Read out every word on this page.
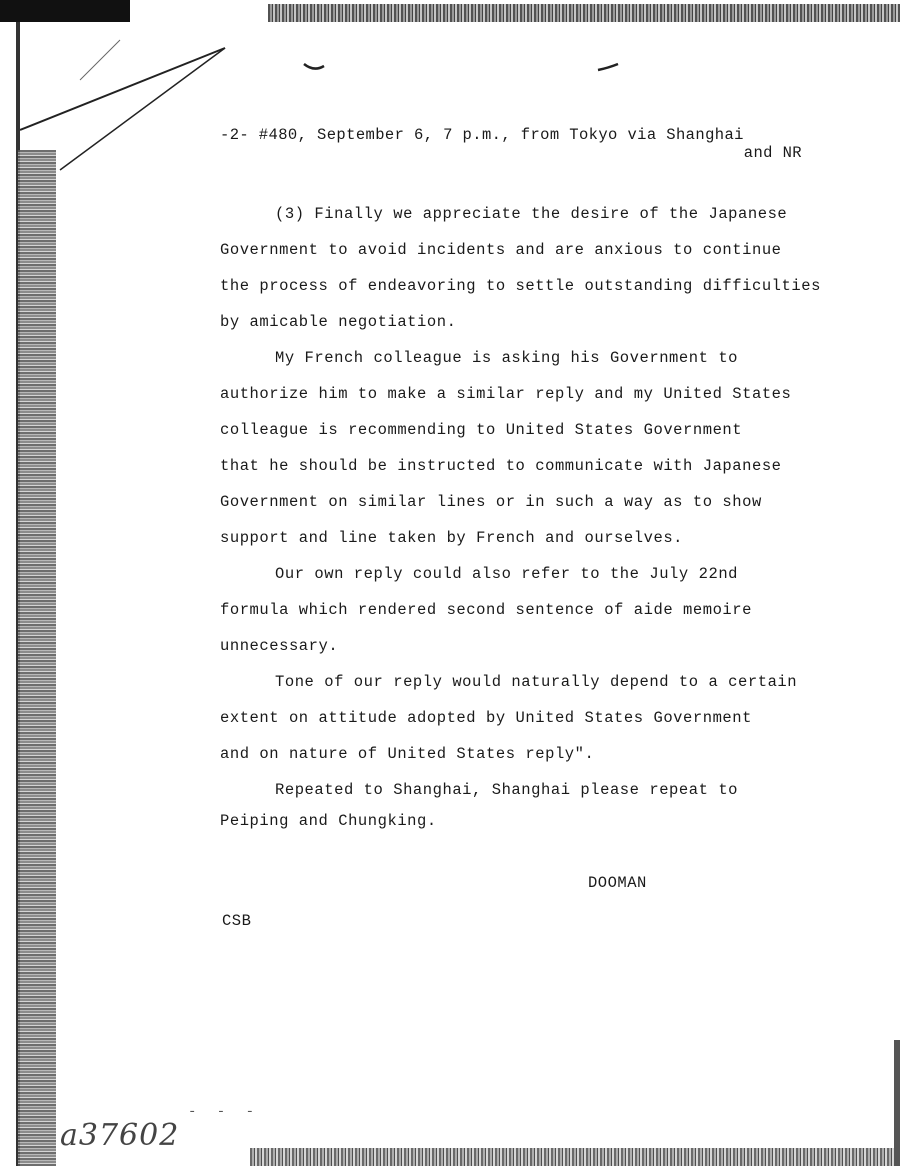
-2- #480, September 6, 7 p.m., from Tokyo via Shanghai
and NR
(3) Finally we appreciate the desire of the Japanese
Government to avoid incidents and are anxious to continue
the process of endeavoring to settle outstanding difficulties
by amicable negotiation.
My French colleague is asking his Government to
authorize him to make a similar reply and my United States
colleague is recommending to United States Government
that he should be instructed to communicate with Japanese
Government on similar lines or in such a way as to show
support and line taken by French and ourselves.
Our own reply could also refer to the July 22nd
formula which rendered second sentence of aide memoire
unnecessary.
Tone of our reply would naturally depend to a certain
extent on attitude adopted by United States Government
and on nature of United States reply".
Repeated to Shanghai, Shanghai please repeat to
Peiping and Chungking.
DOOMAN
CSB
- - -
a37602
